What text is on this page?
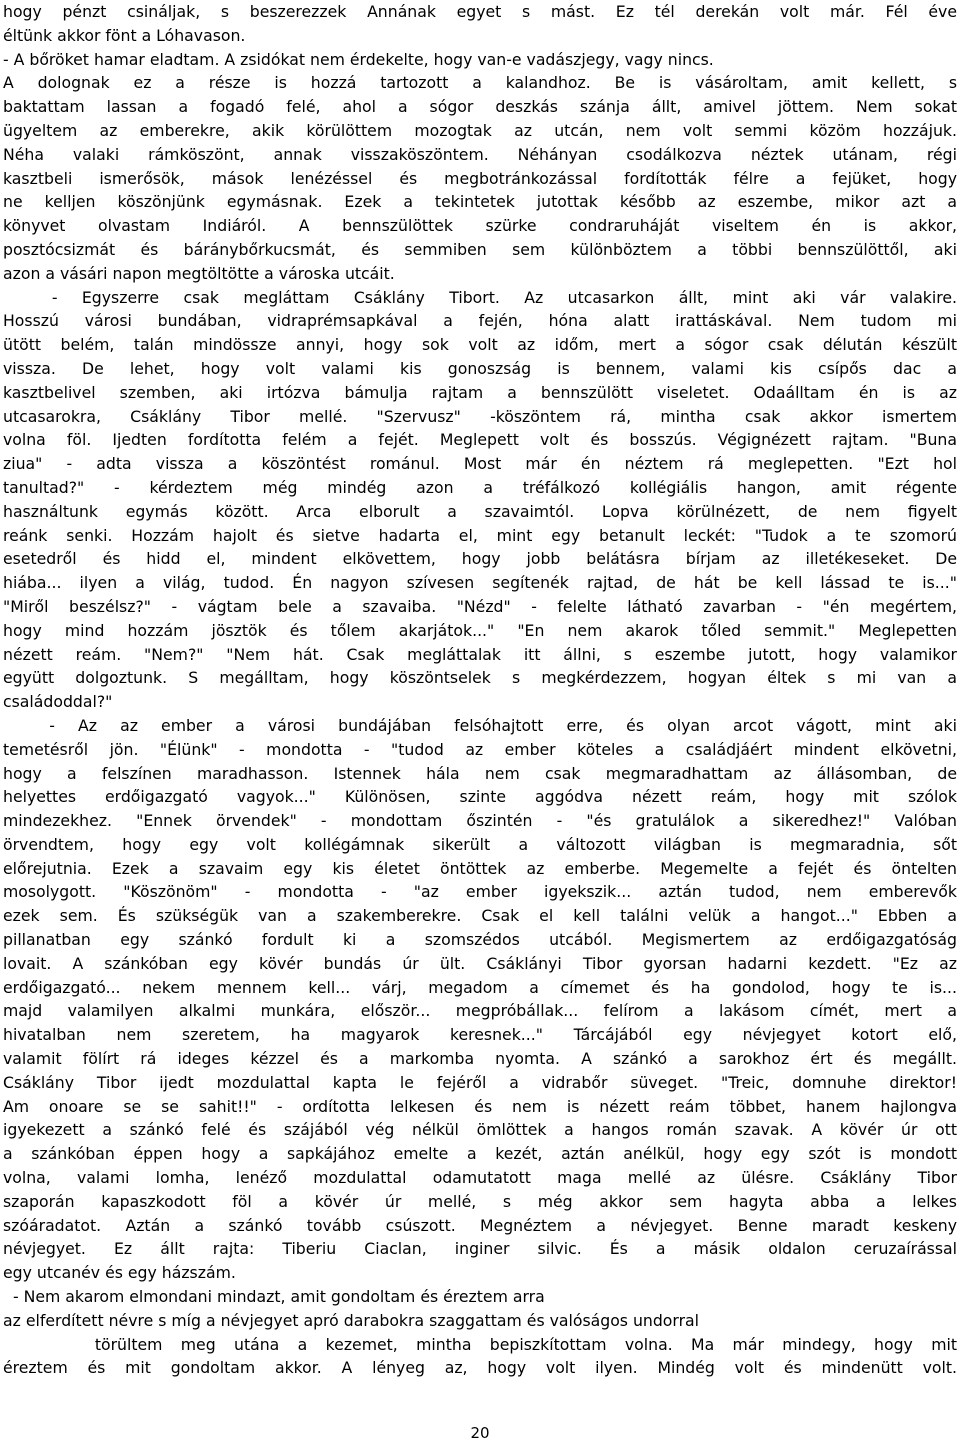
hogy pénzt csináljak, s beszerezzek Annának egyet s mást. Ez tél derekán volt már. Fél éve
éltünk akkor fönt a Lóhavason.
- A bőröket hamar eladtam. A zsidókat nem érdekelte, hogy van-e vadászjegy, vagy nincs.
A dolognak ez a része is hozzá tartozott a kalandhoz. Be is vásároltam, amit kellett, s
baktattam lassan a fogadó felé, ahol a sógor deszkás szánja állt, amivel jöttem. Nem sokat
ügyeltem az emberekre, akik körülöttem mozogtak az utcán, nem volt semmi közöm hozzájuk.
Néha valaki rámköszönt, annak visszaköszöntem. Néhányan csodálkozva néztek utánam, régi
kasztbeli ismerősök, mások lenézéssel és megbotránkozással fordították félre a fejüket, hogy
ne kelljen köszönjünk egymásnak. Ezek a tekintetek jutottak később az eszembe, mikor azt a
könyvet olvastam Indiáról. A bennszülöttek szürke condraruháját viseltem én is akkor,
posztócsizmát és báránybőrkucsmát, és semmiben sem különböztem a többi bennszülöttől, aki
azon a vásári napon megtöltötte a városka utcáit.
- Egyszerre csak megláttam Csáklány Tibort. Az utcasarkon állt, mint aki vár valakire.
Hosszú városi bundában, vidraprémsapkával a fején, hóna alatt irattáskával. Nem tudom mi
ütött belém, talán mindössze annyi, hogy sok volt az időm, mert a sógor csak délután készült
vissza. De lehet, hogy volt valami kis gonoszság is bennem, valami kis csípős dac a
kasztbelivel szemben, aki irtózva bámulja rajtam a bennszülött viseletet. Odaálltam én is az
utcasarokra, Csáklány Tibor mellé. "Szervusz" -köszöntem rá, mintha csak akkor ismertem
volna föl. Ijedten fordította felém a fejét. Meglepett volt és bosszús. Végignézett rajtam. "Buna
ziua" - adta vissza a köszöntést románul. Most már én néztem rá meglepetten. "Ezt hol
tanultad?" - kérdeztem még mindég azon a tréfálkozó kollégiális hangon, amit régente
használtunk egymás között. Arca elborult a szavaimtól. Lopva körülnézett, de nem figyelt
reánk senki. Hozzám hajolt és sietve hadarta el, mint egy betanult leckét: "Tudok a te szomorú
esetedről és hidd el, mindent elkövettem, hogy jobb belátásra bírjam az illetékeseket. De
hiába... ilyen a világ, tudod. Én nagyon szívesen segítenék rajtad, de hát be kell lássad te is..."
"Miről beszélsz?" - vágtam bele a szavaiba. "Nézd" - felelte látható zavarban - "én megértem,
hogy mind hozzám jösztök és tőlem akarjátok..." "En nem akarok tőled semmit." Meglepetten
nézett reám. "Nem?" "Nem hát. Csak megláttalak itt állni, s eszembe jutott, hogy valamikor
együtt dolgoztunk. S megálltam, hogy köszöntselek s megkérdezzem, hogyan éltek s mi van a
családoddal?"
- Az az ember a városi bundájában felsóhajtott erre, és olyan arcot vágott, mint aki
temetésről jön. "Élünk" - mondotta - "tudod az ember köteles a családjáért mindent elkövetni,
hogy a felszínen maradhasson. Istennek hála nem csak megmaradhattam az állásomban, de
helyettes erdőigazgató vagyok..." Különösen, szinte aggódva nézett reám, hogy mit szólok
mindezekhez. "Ennek örvendek" - mondottam őszintén - "és gratulálok a sikeredhez!" Valóban
örvendtem, hogy egy volt kollégámnak sikerült a változott világban is megmaradnia, sőt
előrejutnia. Ezek a szavaim egy kis életet öntöttek az emberbe. Megemelte a fejét és öntelten
mosolygott. "Köszönöm" - mondotta - "az ember igyekszik... aztán tudod, nem emberevők
ezek sem. És szükségük van a szakemberekre. Csak el kell találni velük a hangot..." Ebben a
pillanatban egy szánkó fordult ki a szomszédos utcából. Megismertem az erdőigazgatóság
lovait. A szánkóban egy kövér bundás úr ült. Csáklányi Tibor gyorsan hadarni kezdett. "Ez az
erdőigazgató... nekem mennem kell... várj, megadom a címemet és ha gondolod, hogy te is...
majd valamilyen alkalmi munkára, először... megpróbállak... felírom a lakásom címét, mert a
hivatalban nem szeretem, ha magyarok keresnek..." Tárcájából egy névjegyet kotort elő,
valamit fölírt rá ideges kézzel és a markomba nyomta. A szánkó a sarokhoz ért és megállt.
Csáklány Tibor ijedt mozdulattal kapta le fejéről a vidrabőr süveget. "Treic, domnuhe direktor!
Am onoare se se sahit!!" - ordította lelkesen és nem is nézett reám többet, hanem hajlongva
igyekezett a szánkó felé és szájából vég nélkül ömlöttek a hangos román szavak. A kövér úr ott
a szánkóban éppen hogy a sapkájához emelte a kezét, aztán anélkül, hogy egy szót is mondott
volna, valami lomha, lenéző mozdulattal odamutatott maga mellé az ülésre. Csáklány Tibor
szaporán kapaszkodott föl a kövér úr mellé, s még akkor sem hagyta abba a lelkes
szóáradatot. Aztán a szánkó tovább csúszott. Megnéztem a névjegyet. Benne maradt keskeny
névjegyet. Ez állt rajta: Tiberiu Ciaclan, inginer silvic. És a másik oldalon ceruzaírással
egy utcanév és egy házszám.
- Nem akarom elmondani mindazt, amit gondoltam és éreztem arra
az elferdített névre s míg a névjegyet apró darabokra szaggattam és valóságos undorral
törültem meg utána a kezemet, mintha bepiszkítottam volna. Ma már mindegy, hogy mit
éreztem és mit gondoltam akkor. A lényeg az, hogy volt ilyen. Mindég volt és mindenütt volt.
20
